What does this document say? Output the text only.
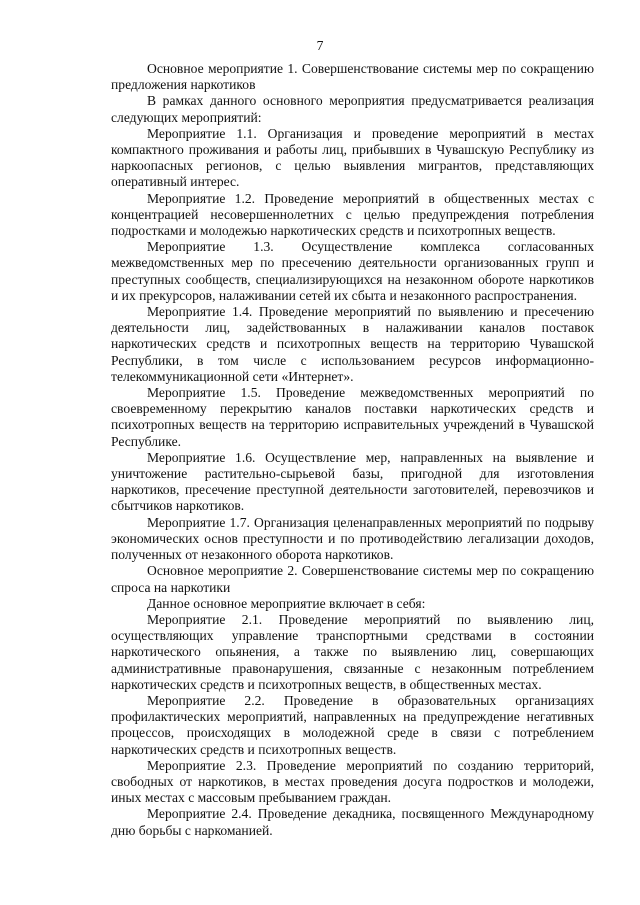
7

Основное мероприятие 1. Совершенствование системы мер по сокращению предложения наркотиков

В рамках данного основного мероприятия предусматривается реализация следующих мероприятий:

Мероприятие 1.1. Организация и проведение мероприятий в местах компактного проживания и работы лиц, прибывших в Чувашскую Республику из наркоопасных регионов, с целью выявления мигрантов, представляющих оперативный интерес.

Мероприятие 1.2. Проведение мероприятий в общественных местах с концентрацией несовершеннолетних с целью предупреждения потребления подростками и молодежью наркотических средств и психотропных веществ.

Мероприятие 1.3. Осуществление комплекса согласованных межведомственных мер по пресечению деятельности организованных групп и преступных сообществ, специализирующихся на незаконном обороте наркотиков и их прекурсоров, налаживании сетей их сбыта и незаконного распространения.

Мероприятие 1.4. Проведение мероприятий по выявлению и пресечению деятельности лиц, задействованных в налаживании каналов поставок наркотических средств и психотропных веществ на территорию Чувашской Республики, в том числе с использованием ресурсов информационно-телекоммуникационной сети «Интернет».

Мероприятие 1.5. Проведение межведомственных мероприятий по своевременному перекрытию каналов поставки наркотических средств и психотропных веществ на территорию исправительных учреждений в Чувашской Республике.

Мероприятие 1.6. Осуществление мер, направленных на выявление и уничтожение растительно-сырьевой базы, пригодной для изготовления наркотиков, пресечение преступной деятельности заготовителей, перевозчиков и сбытчиков наркотиков.

Мероприятие 1.7. Организация целенаправленных мероприятий по подрыву экономических основ преступности и по противодействию легализации доходов, полученных от незаконного оборота наркотиков.

Основное мероприятие 2. Совершенствование системы мер по сокращению спроса на наркотики

Данное основное мероприятие включает в себя:

Мероприятие 2.1. Проведение мероприятий по выявлению лиц, осуществляющих управление транспортными средствами в состоянии наркотического опьянения, а также по выявлению лиц, совершающих административные правонарушения, связанные с незаконным потреблением наркотических средств и психотропных веществ, в общественных местах.

Мероприятие 2.2. Проведение в образовательных организациях профилактических мероприятий, направленных на предупреждение негативных процессов, происходящих в молодежной среде в связи с потреблением наркотических средств и психотропных веществ.

Мероприятие 2.3. Проведение мероприятий по созданию территорий, свободных от наркотиков, в местах проведения досуга подростков и молодежи, иных местах с массовым пребыванием граждан.

Мероприятие 2.4. Проведение декадника, посвященного Международному дню борьбы с наркоманией.
